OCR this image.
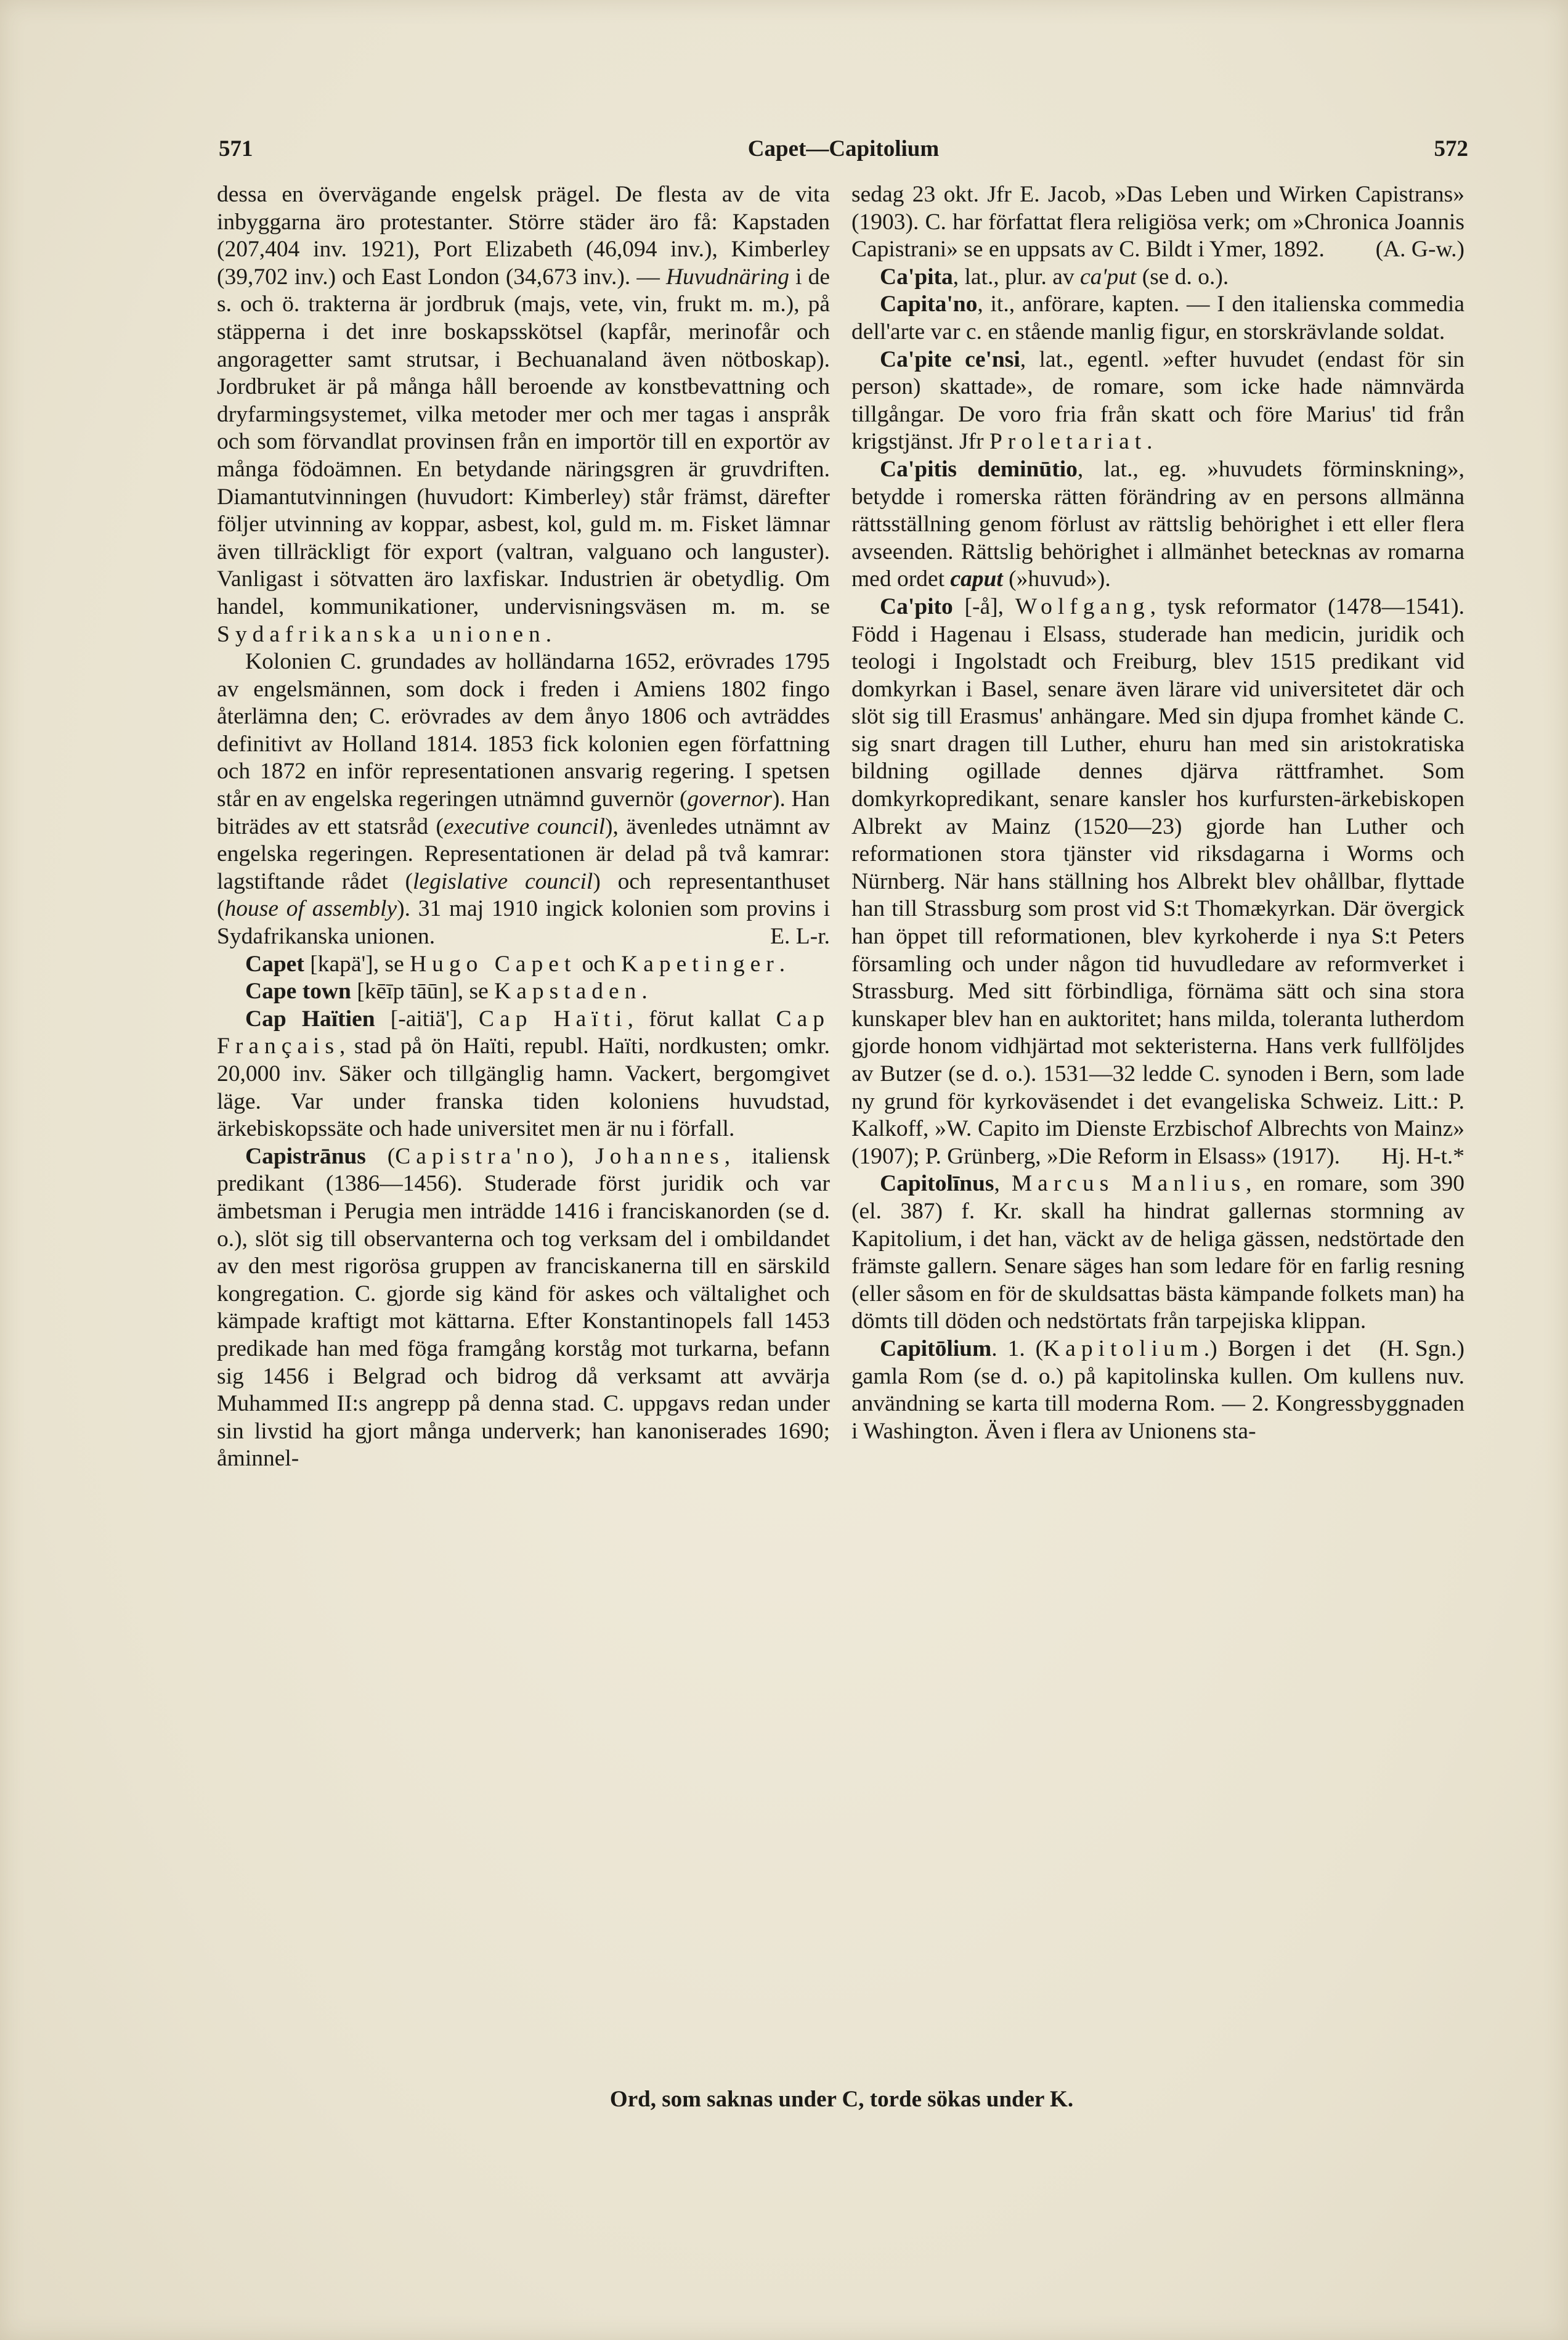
571	Capet—Capitolium	572

dessa en övervägande engelsk prägel. De flesta av de vita inbyggarna äro protestanter. Större städer äro få: Kapstaden (207,404 inv. 1921), Port Elizabeth (46,094 inv.), Kimberley (39,702 inv.) och East London (34,673 inv.). — Huvudnäring i de s. och ö. trakterna är jordbruk (majs, vete, vin, frukt m. m.), på stäpperna i det inre boskapsskötsel (kapfår, merinofår och angoragetter samt strutsar, i Bechuanaland även nötboskap). Jordbruket är på många håll beroende av konstbevattning och dryfarmingsystemet, vilka metoder mer och mer tagas i anspråk och som förvandlat provinsen från en importör till en exportör av många födoämnen. En betydande näringsgren är gruvdriften. Diamantutvinningen (huvudort: Kimberley) står främst, därefter följer utvinning av koppar, asbest, kol, guld m. m. Fisket lämnar även tillräckligt för export (valtran, valguano och languster). Vanligast i sötvatten äro laxfiskar. Industrien är obetydlig. Om handel, kommunikationer, undervisningsväsen m. m. se Sydafrikanska unionen.

Kolonien C. grundades av holländarna 1652, erövrades 1795 av engelsmännen, som dock i freden i Amiens 1802 fingo återlämna den; C. erövrades av dem ånyo 1806 och avträddes definitivt av Holland 1814. 1853 fick kolonien egen författning och 1872 en inför representationen ansvarig regering. I spetsen står en av engelska regeringen utnämnd guvernör (governor). Han biträdes av ett statsråd (executive council), ävenledes utnämnt av engelska regeringen. Representationen är delad på två kamrar: lagstiftande rådet (legislative council) och representanthuset (house of assembly). 31 maj 1910 ingick kolonien som provins i Sydafrikanska unionen.	E. L-r.

Capet [kapä'], se Hugo Capet och Kapetinger.

Cape town [kēīp tāūn], se Kapstaden.

Cap Haïtien [-aitiä'], Cap Haïti, förut kallat Cap Français, stad på ön Haïti, republ. Haïti, nordkusten; omkr. 20,000 inv. Säker och tillgänglig hamn. Vackert, bergomgivet läge. Var under franska tiden koloniens huvudstad, ärkebiskopssäte och hade universitet men är nu i förfall.

Capistrānus (Capistra'no), Johannes, italiensk predikant (1386—1456). Studerade först juridik och var ämbetsman i Perugia men inträdde 1416 i franciskanorden (se d. o.), slöt sig till observanterna och tog verksam del i ombildandet av den mest rigorösa gruppen av franciskanerna till en särskild kongregation. C. gjorde sig känd för askes och vältalighet och kämpade kraftigt mot kättarna. Efter Konstantinopels fall 1453 predikade han med föga framgång korståg mot turkarna, befann sig 1456 i Belgrad och bidrog då verksamt att avvärja Muhammed II:s angrepp på denna stad. C. uppgavs redan under sin livstid ha gjort många underverk; han kanoniserades 1690; åminnel-

sedag 23 okt. Jfr E. Jacob, »Das Leben und Wirken Capistrans» (1903). C. har författat flera religiösa verk; om »Chronica Joannis Capistrani» se en uppsats av C. Bildt i Ymer, 1892. (A. G-w.)

Ca'pita, lat., plur. av ca'put (se d. o.).

Capita'no, it., anförare, kapten. — I den italienska commedia dell'arte var c. en stående manlig figur, en storskrävlande soldat.

Ca'pite ce'nsi, lat., egentl. »efter huvudet (endast för sin person) skattade», de romare, som icke hade nämnvärda tillgångar. De voro fria från skatt och före Marius' tid från krigstjänst. Jfr Proletariat.

Ca'pitis deminūtio, lat., eg. »huvudets förminskning», betydde i romerska rätten förändring av en persons allmänna rättsställning genom förlust av rättslig behörighet i ett eller flera avseenden. Rättslig behörighet i allmänhet betecknas av romarna med ordet caput (»huvud»).

Ca'pito [-å], Wolfgang, tysk reformator (1478—1541). Född i Hagenau i Elsass, studerade han medicin, juridik och teologi i Ingolstadt och Freiburg, blev 1515 predikant vid domkyrkan i Basel, senare även lärare vid universitetet där och slöt sig till Erasmus' anhängare. Med sin djupa fromhet kände C. sig snart dragen till Luther, ehuru han med sin aristokratiska bildning ogillade dennes djärva rättframhet. Som domkyrkopredikant, senare kansler hos kurfursten-ärkebiskopen Albrekt av Mainz (1520—23) gjorde han Luther och reformationen stora tjänster vid riksdagarna i Worms och Nürnberg. När hans ställning hos Albrekt blev ohållbar, flyttade han till Strassburg som prost vid S:t Thomækyrkan. Där övergick han öppet till reformationen, blev kyrkoherde i nya S:t Peters församling och under någon tid huvudledare av reformverket i Strassburg. Med sitt förbindliga, förnäma sätt och sina stora kunskaper blev han en auktoritet; hans milda, toleranta lutherdom gjorde honom vidhjärtad mot sekteristerna. Hans verk fullföljdes av Butzer (se d. o.). 1531—32 ledde C. synoden i Bern, som lade ny grund för kyrkoväsendet i det evangeliska Schweiz. Litt.: P. Kalkoff, »W. Capito im Dienste Erzbischof Albrechts von Mainz» (1907); P. Grünberg, »Die Reform in Elsass» (1917).	Hj. H-t.*

Capitolīnus, Marcus Manlius, en romare, som 390 (el. 387) f. Kr. skall ha hindrat gallernas stormning av Kapitolium, i det han, väckt av de heliga gässen, nedstörtade den främste gallern. Senare säges han som ledare för en farlig resning (eller såsom en för de skuldsattas bästa kämpande folkets man) ha dömts till döden och nedstörtats från tarpejiska klippan.
(H. Sgn.)

Capitōlium. 1. (Kapitolium.) Borgen i det gamla Rom (se d. o.) på kapitolinska kullen. Om kullens nuv. användning se karta till moderna Rom. — 2. Kongressbyggnaden i Washington. Även i flera av Unionens sta-

Ord, som saknas under C, torde sökas under K.
